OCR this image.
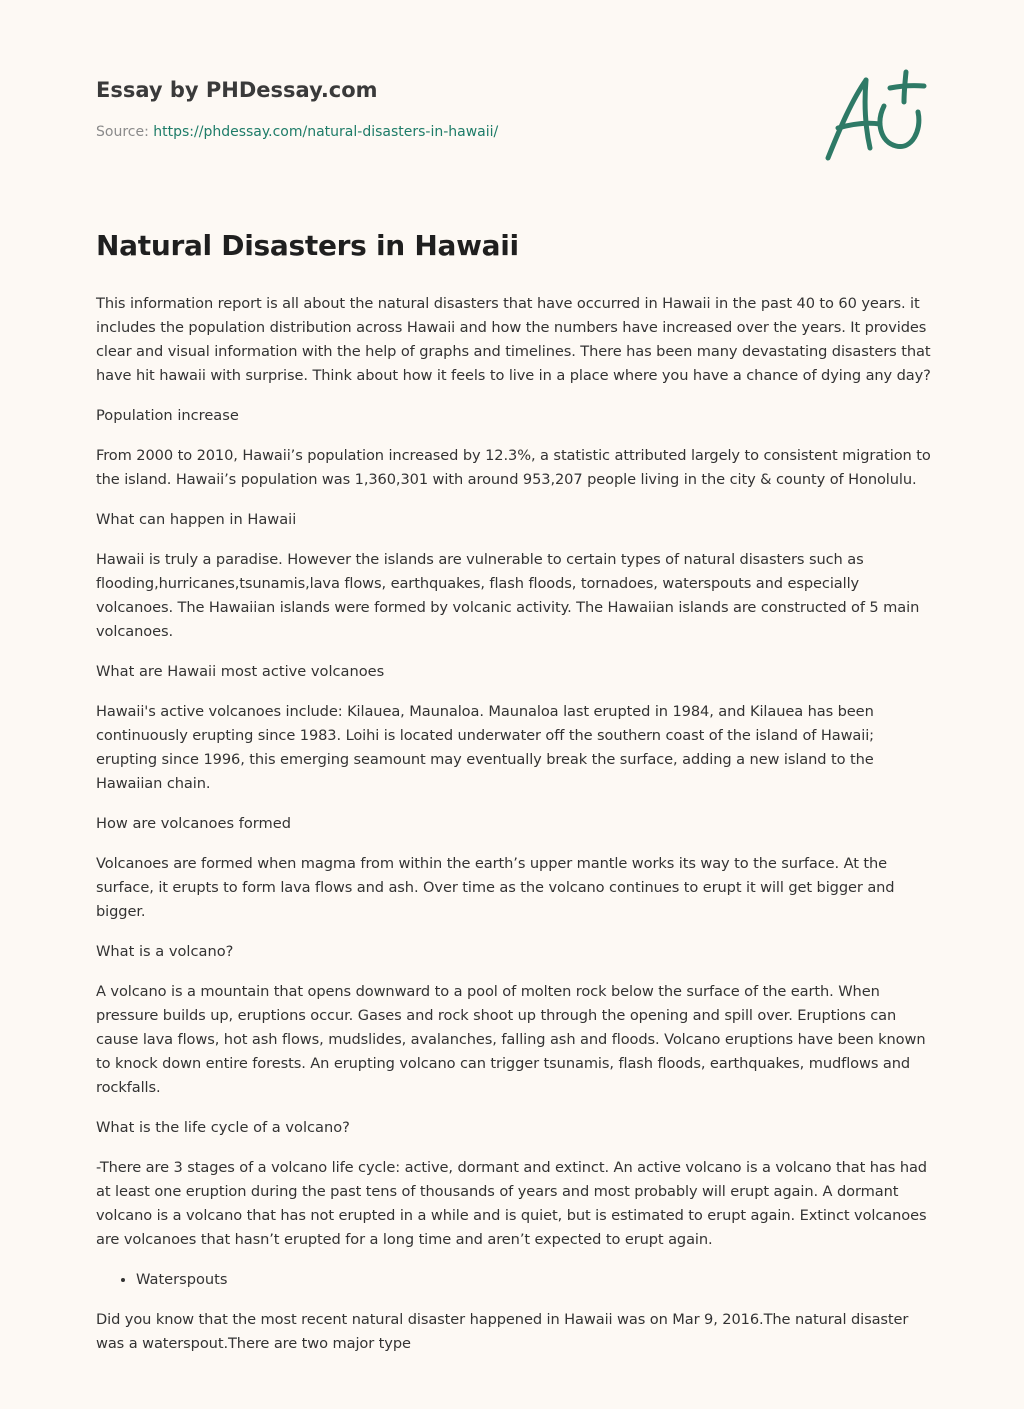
Essay by PHDessay.com
Source: https://phdessay.com/natural-disasters-in-hawaii/
Natural Disasters in Hawaii

This information report is all about the natural disasters that have occurred in Hawaii in the past 40 to 60 years. it includes the population distribution across Hawaii and how the numbers have increased over the years. It provides clear and visual information with the help of graphs and timelines. There has been many devastating disasters that have hit hawaii with surprise. Think about how it feels to live in a place where you have a chance of dying any day?

Population increase

From 2000 to 2010, Hawaii’s population increased by 12.3%, a statistic attributed largely to consistent migration to the island. Hawaii’s population was 1,360,301 with around 953,207 people living in the city & county of Honolulu.

What can happen in Hawaii

Hawaii is truly a paradise. However the islands are vulnerable to certain types of natural disasters such as flooding,hurricanes,tsunamis,lava flows, earthquakes, flash floods, tornadoes, waterspouts and especially volcanoes. The Hawaiian islands were formed by volcanic activity. The Hawaiian islands are constructed of 5 main volcanoes.

What are Hawaii most active volcanoes

Hawaii's active volcanoes include: Kilauea, Maunaloa. Maunaloa last erupted in 1984, and Kilauea has been continuously erupting since 1983. Loihi is located underwater off the southern coast of the island of Hawaii; erupting since 1996, this emerging seamount may eventually break the surface, adding a new island to the Hawaiian chain.

How are volcanoes formed

Volcanoes are formed when magma from within the earth’s upper mantle works its way to the surface. At the surface, it erupts to form lava flows and ash. Over time as the volcano continues to erupt it will get bigger and bigger.

What is a volcano?

A volcano is a mountain that opens downward to a pool of molten rock below the surface of the earth. When pressure builds up, eruptions occur. Gases and rock shoot up through the opening and spill over. Eruptions can cause lava flows, hot ash flows, mudslides, avalanches, falling ash and floods. Volcano eruptions have been known to knock down entire forests. An erupting volcano can trigger tsunamis, flash floods, earthquakes, mudflows and rockfalls.

What is the life cycle of a volcano?

-There are 3 stages of a volcano life cycle: active, dormant and extinct. An active volcano is a volcano that has had at least one eruption during the past tens of thousands of years and most probably will erupt again. A dormant volcano is a volcano that has not erupted in a while and is quiet, but is estimated to erupt again. Extinct volcanoes are volcanoes that hasn’t erupted for a long time and aren’t expected to erupt again.

• Waterspouts

Did you know that the most recent natural disaster happened in Hawaii was on Mar 9, 2016.The natural disaster was a waterspout.There are two major type
